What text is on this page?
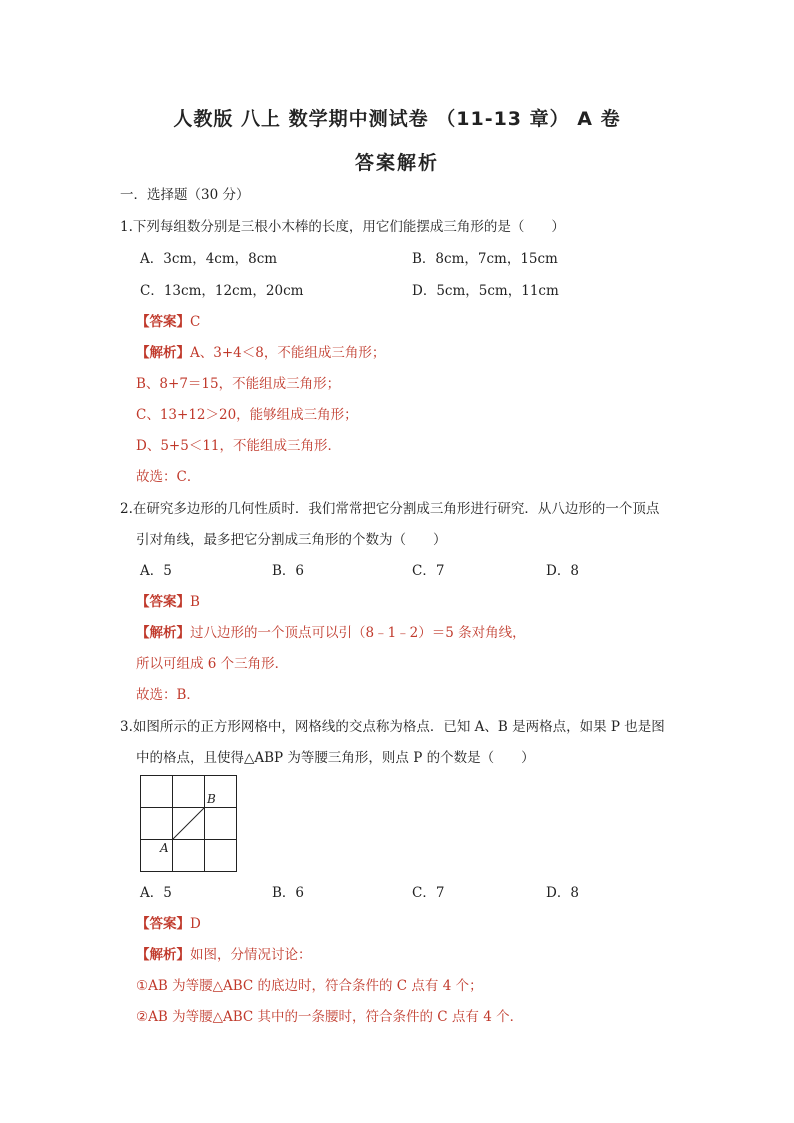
人教版 八上 数学期中测试卷 （11-13 章） A 卷
答案解析
一．选择题（30 分）
1.下列每组数分别是三根小木棒的长度，用它们能摆成三角形的是（　　）
A．3cm，4cm，8cm	B．8cm，7cm，15cm
C．13cm，12cm，20cm	D．5cm，5cm，11cm
【答案】C
【解析】A、3+4＜8，不能组成三角形；
B、8+7＝15，不能组成三角形；
C、13+12＞20，能够组成三角形；
D、5+5＜11，不能组成三角形．
故选：C．
2.在研究多边形的几何性质时．我们常常把它分割成三角形进行研究．从八边形的一个顶点
引对角线，最多把它分割成三角形的个数为（　　）
A．5	B．6	C．7	D．8
【答案】B
【解析】过八边形的一个顶点可以引（8﹣1﹣2）＝5 条对角线，
所以可组成 6 个三角形．
故选：B．
3.如图所示的正方形网格中，网格线的交点称为格点．已知 A、B 是两格点，如果 P 也是图
中的格点，且使得△ABP 为等腰三角形，则点 P 的个数是（　　）
B
A
A．5	B．6	C．7	D．8
【答案】D
【解析】如图，分情况讨论：
①AB 为等腰△ABC 的底边时，符合条件的 C 点有 4 个；
②AB 为等腰△ABC 其中的一条腰时，符合条件的 C 点有 4 个．
